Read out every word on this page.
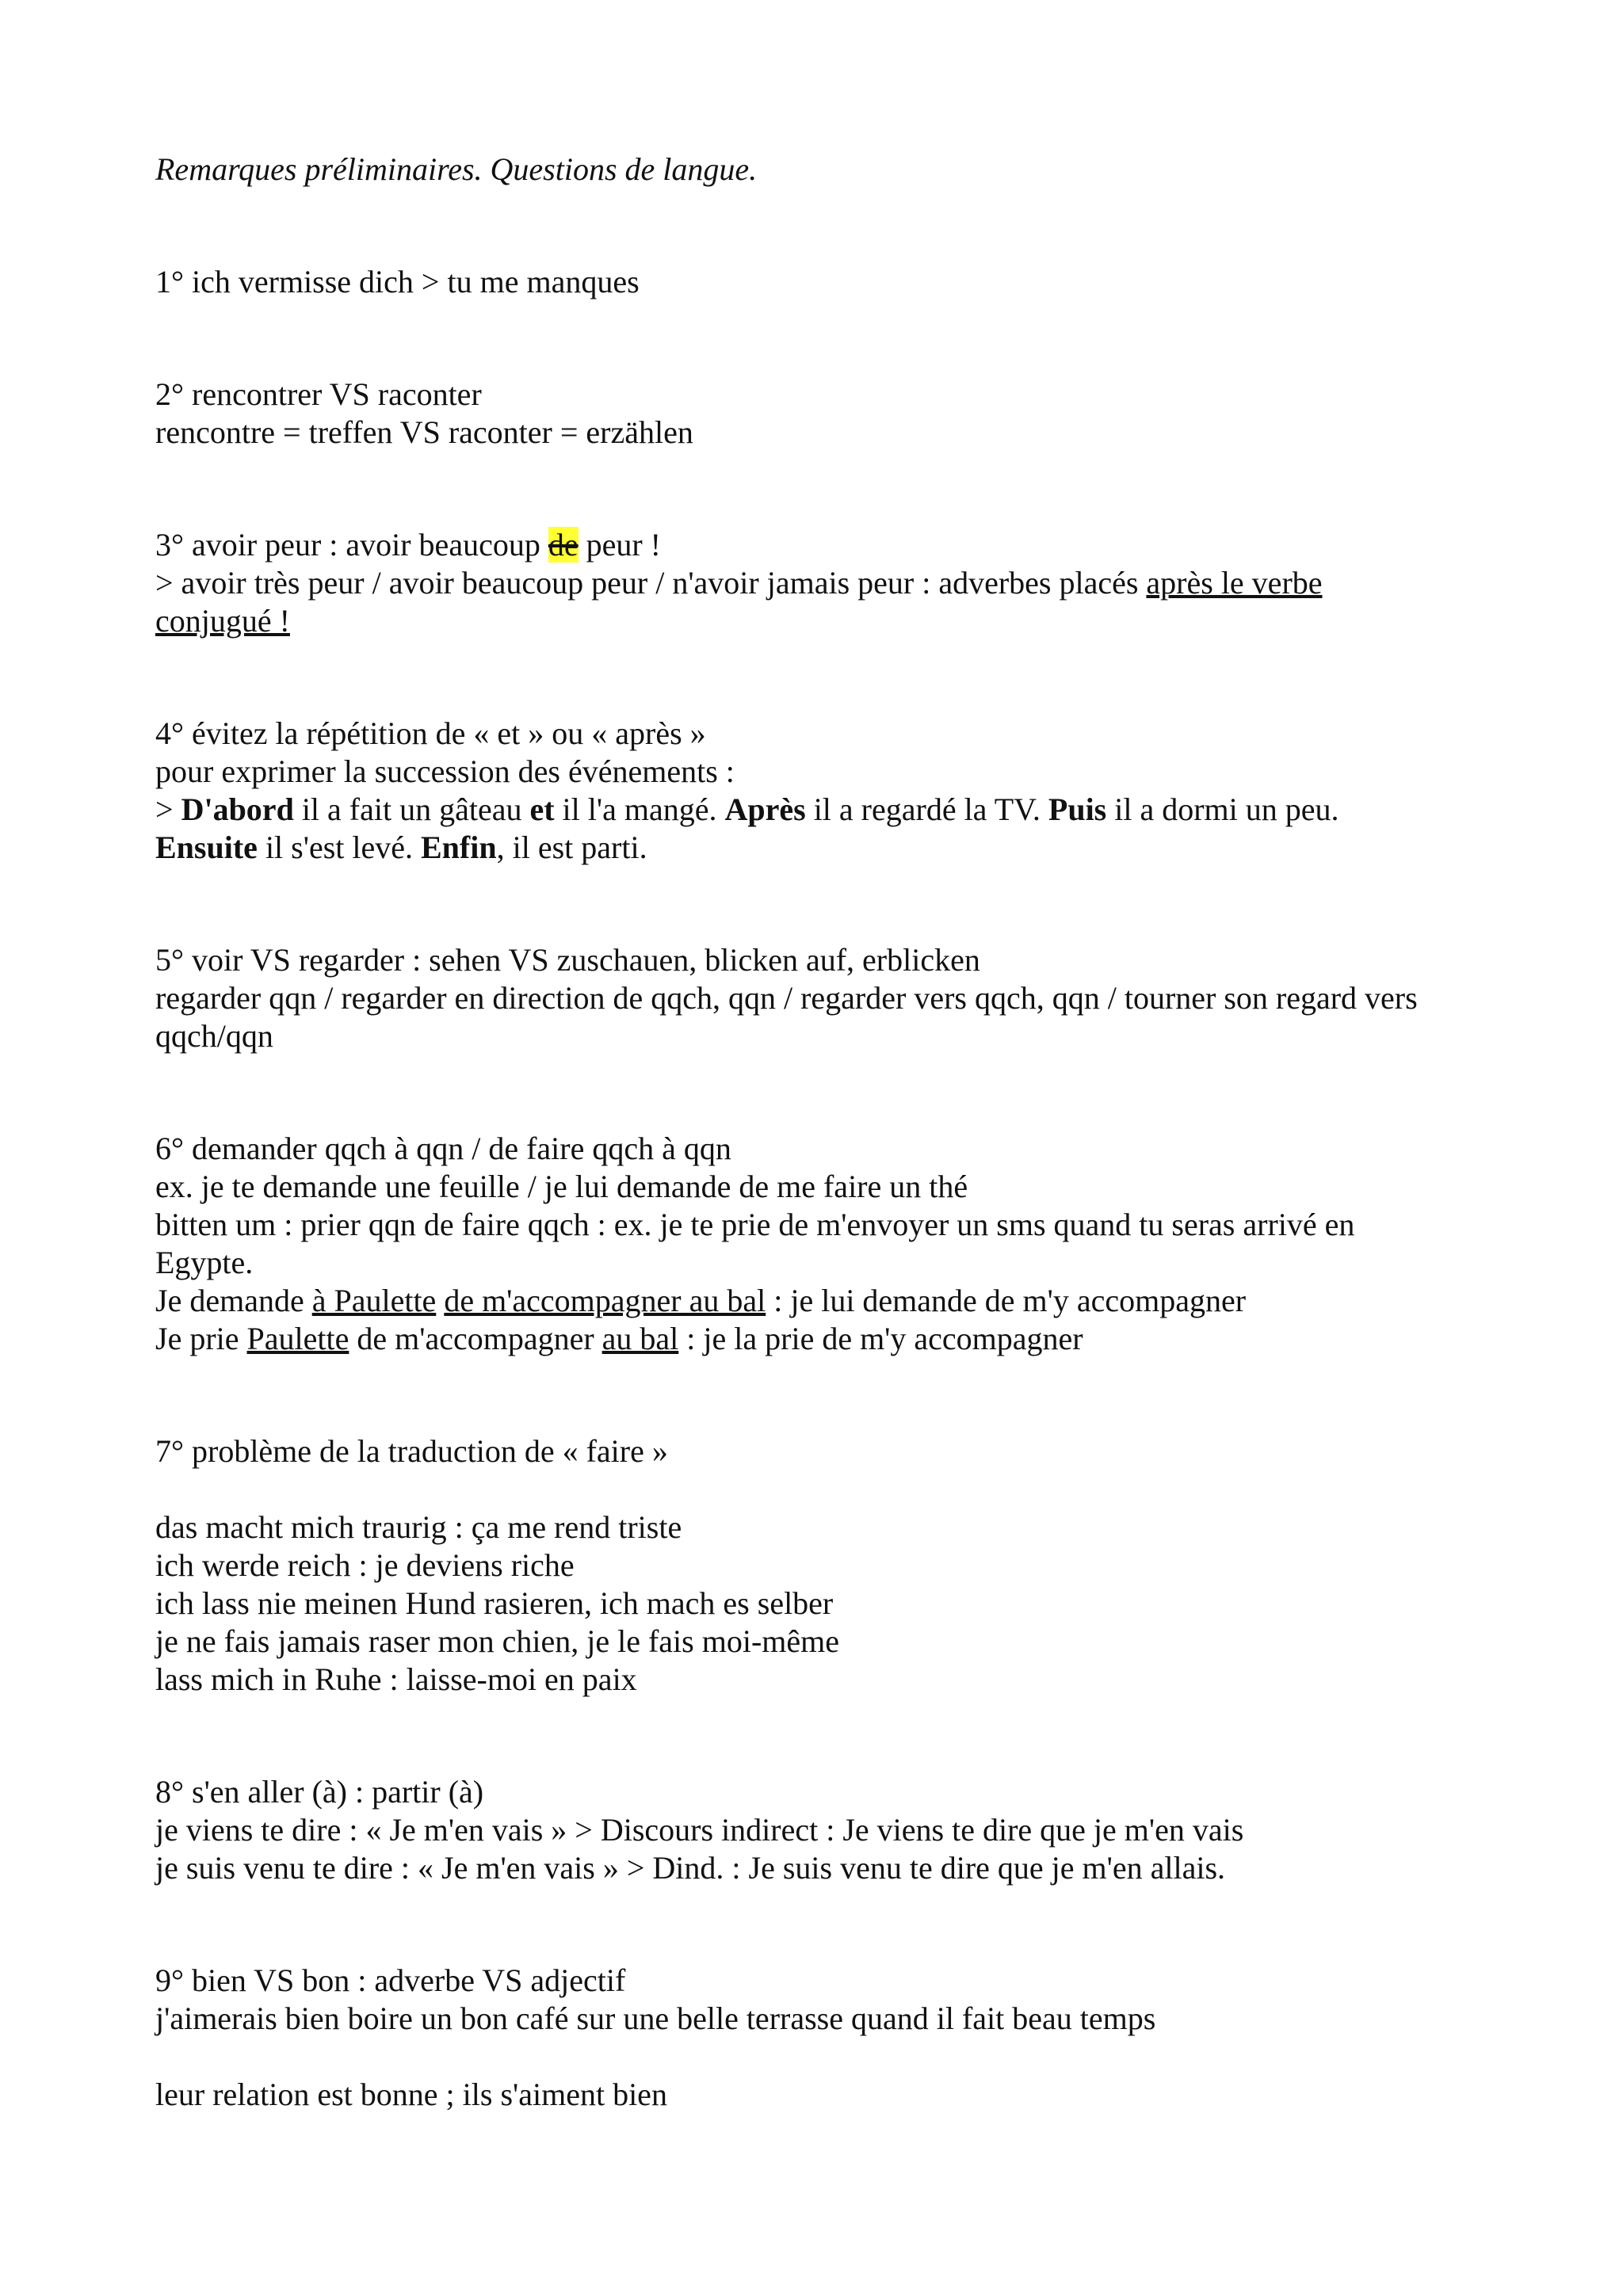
Remarques préliminaires. Questions de langue.
1° ich vermisse dich > tu me manques
2° rencontrer VS raconter
rencontre = treffen VS raconter = erzählen
3° avoir peur : avoir beaucoup de peur !
> avoir très peur / avoir beaucoup peur / n'avoir jamais peur : adverbes placés après le verbe
conjugué !
4° évitez la répétition de « et » ou « après »
pour exprimer la succession des événements :
> D'abord il a fait un gâteau et il l'a mangé. Après il a regardé la TV. Puis il a dormi un peu.
Ensuite il s'est levé. Enfin, il est parti.
5° voir VS regarder : sehen VS zuschauen, blicken auf, erblicken
regarder qqn / regarder en direction de qqch, qqn / regarder vers qqch, qqn / tourner son regard vers
qqch/qqn
6° demander qqch à qqn / de faire qqch à qqn
ex. je te demande une feuille / je lui demande de me faire un thé
bitten um : prier qqn de faire qqch : ex. je te prie de m'envoyer un sms quand tu seras arrivé en
Egypte.
Je demande à Paulette de m'accompagner au bal : je lui demande de m'y accompagner
Je prie Paulette de m'accompagner au bal : je la prie de m'y accompagner
7° problème de la traduction de « faire »
das macht mich traurig : ça me rend triste
ich werde reich : je deviens riche
ich lass nie meinen Hund rasieren, ich mach es selber
je ne fais jamais raser mon chien, je le fais moi-même
lass mich in Ruhe : laisse-moi en paix
8° s'en aller (à) : partir (à)
je viens te dire : « Je m'en vais » > Discours indirect : Je viens te dire que je m'en vais
je suis venu te dire : « Je m'en vais » > Dind. : Je suis venu te dire que je m'en allais.
9° bien VS bon : adverbe VS adjectif
j'aimerais bien boire un bon café sur une belle terrasse quand il fait beau temps
leur relation est bonne ; ils s'aiment bien
